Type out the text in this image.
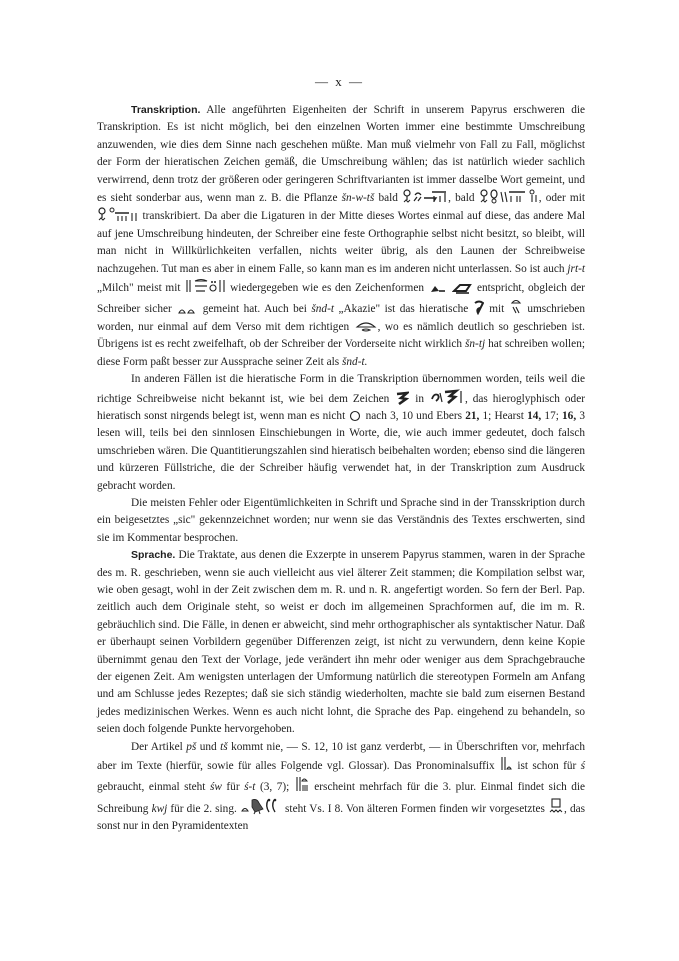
— x —

Transkription. Alle angeführten Eigenheiten der Schrift in unserem Papyrus erschweren die Transkription. Es ist nicht möglich, bei den einzelnen Worten immer eine bestimmte Umschreibung anzuwenden, wie dies dem Sinne nach geschehen müßte. Man muß vielmehr von Fall zu Fall, möglichst der Form der hieratischen Zeichen gemäß, die Umschreibung wählen; das ist natürlich wieder sachlich verwirrend, denn trotz der größeren oder geringeren Schriftvarianten ist immer dasselbe Wort gemeint, und es sieht sonderbar aus, wenn man z. B. die Pflanze šn-w-tš bald	, bald	, oder mit
transkribiert. Da aber die Ligaturen in der Mitte dieses Wortes einmal auf diese, das andere Mal auf jene Umschreibung hindeuten, der Schreiber eine feste Orthographie selbst nicht besitzt, so bleibt, will man nicht in Willkürlichkeiten verfallen, nichts weiter übrig, als den Launen der Schreibweise nachzugehen. Tut man es aber in einem Falle, so kann man es im anderen nicht unterlassen. So ist auch jrt-t „Milch" meist mit	wiedergegeben wie es den Zeichenformen
	entspricht, obgleich der Schreiber sicher	gemeint hat. Auch bei šnd-t „Akazie" ist das hieratische mit umschrieben worden, nur einmal auf dem Verso mit dem richtigen	, wo es nämlich deutlich so geschrieben ist. Übrigens ist es recht zweifelhaft, ob der Schreiber der Vorderseite nicht wirklich šn-tj hat schreiben wollen; diese Form paßt besser zur Aussprache seiner Zeit als šnd-t.

In anderen Fällen ist die hieratische Form in die Transkription übernommen worden, teils weil die richtige Schreibweise nicht bekannt ist, wie bei dem Zeichen in	, das hieroglyphisch oder hieratisch sonst nirgends belegt ist, wenn man es nicht nach 3, 10 und Ebers 21, 1; Hearst 14, 17; 16, 3 lesen will, teils bei den sinnlosen Einschiebungen in Worte, die, wie auch immer gedeutet, doch falsch umschrieben wären. Die Quantitierungszahlen sind hieratisch beibehalten worden; ebenso sind die längeren und kürzeren Füllstriche, die der Schreiber häufig verwendet hat, in der Transkription zum Ausdruck gebracht worden.

Die meisten Fehler oder Eigentümlichkeiten in Schrift und Sprache sind in der Transskription durch ein beigesetztes „sic" gekennzeichnet worden; nur wenn sie das Verständnis des Textes erschwerten, sind sie im Kommentar besprochen.

Sprache. Die Traktate, aus denen die Exzerpte in unserem Papyrus stammen, waren in der Sprache des m. R. geschrieben, wenn sie auch vielleicht aus viel älterer Zeit stammen; die Kompilation selbst war, wie oben gesagt, wohl in der Zeit zwischen dem m. R. und n. R. angefertigt worden. So fern der Berl. Pap. zeitlich auch dem Originale steht, so weist er doch im allgemeinen Sprachformen auf, die im m. R. gebräuchlich sind. Die Fälle, in denen er abweicht, sind mehr orthographischer als syntaktischer Natur. Daß er überhaupt seinen Vorbildern gegenüber Differenzen zeigt, ist nicht zu verwundern, denn keine Kopie übernimmt genau den Text der Vorlage, jede verändert ihn mehr oder weniger aus dem Sprachgebrauche der eigenen Zeit. Am wenigsten unterlagen der Umformung natürlich die stereotypen Formeln am Anfang und am Schlusse jedes Rezeptes; daß sie sich ständig wiederholten, machte sie bald zum eisernen Bestand jedes medizinischen Werkes. Wenn es auch nicht lohnt, die Sprache des Pap. eingehend zu behandeln, so seien doch folgende Punkte hervorgehoben.

Der Artikel pš und tš kommt nie, — S. 12, 10 ist ganz verderbt, — in Überschriften vor, mehrfach aber im Texte (hierfür, sowie für alles Folgende vgl. Glossar). Das Pronominalsuffix ist schon für ś gebraucht, einmal steht św für ś-t (3, 7); erscheint mehrfach für die 3. plur. Einmal findet sich die Schreibung kwj für die 2. sing.	steht Vs. I 8. Von älteren Formen finden wir vorgesetztes , das sonst nur in den Pyramidentexten
